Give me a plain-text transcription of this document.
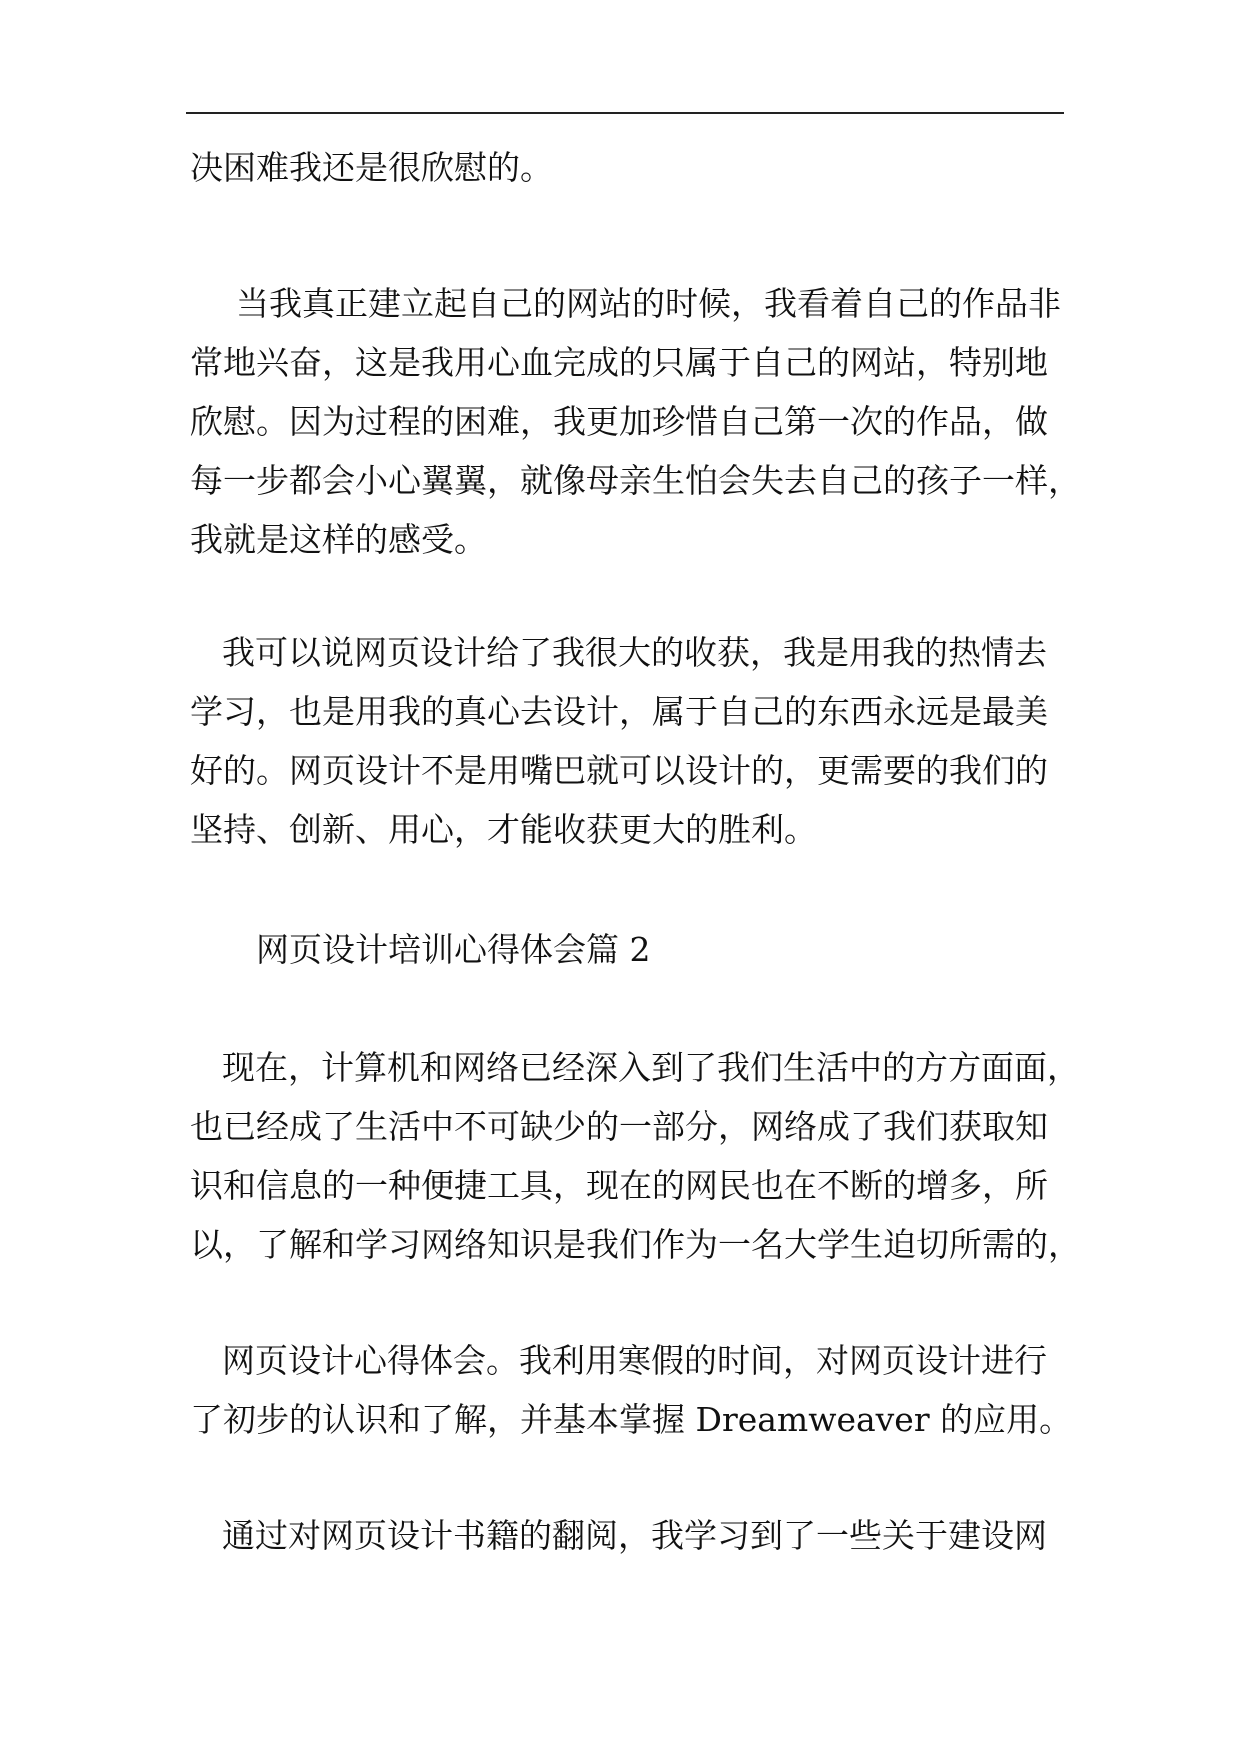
决困难我还是很欣慰的。
当我真正建立起自己的网站的时候，我看着自己的作品非
常地兴奋，这是我用心血完成的只属于自己的网站，特别地
欣慰。因为过程的困难，我更加珍惜自己第一次的作品，做
每一步都会小心翼翼，就像母亲生怕会失去自己的孩子一样，
我就是这样的感受。
我可以说网页设计给了我很大的收获，我是用我的热情去
学习，也是用我的真心去设计，属于自己的东西永远是最美
好的。网页设计不是用嘴巴就可以设计的，更需要的我们的
坚持、创新、用心，才能收获更大的胜利。
网页设计培训心得体会篇 2
现在，计算机和网络已经深入到了我们生活中的方方面面，
也已经成了生活中不可缺少的一部分，网络成了我们获取知
识和信息的一种便捷工具，现在的网民也在不断的增多，所
以，了解和学习网络知识是我们作为一名大学生迫切所需的，
网页设计心得体会。我利用寒假的时间，对网页设计进行
了初步的认识和了解，并基本掌握 Dreamweaver 的应用。
通过对网页设计书籍的翻阅，我学习到了一些关于建设网
